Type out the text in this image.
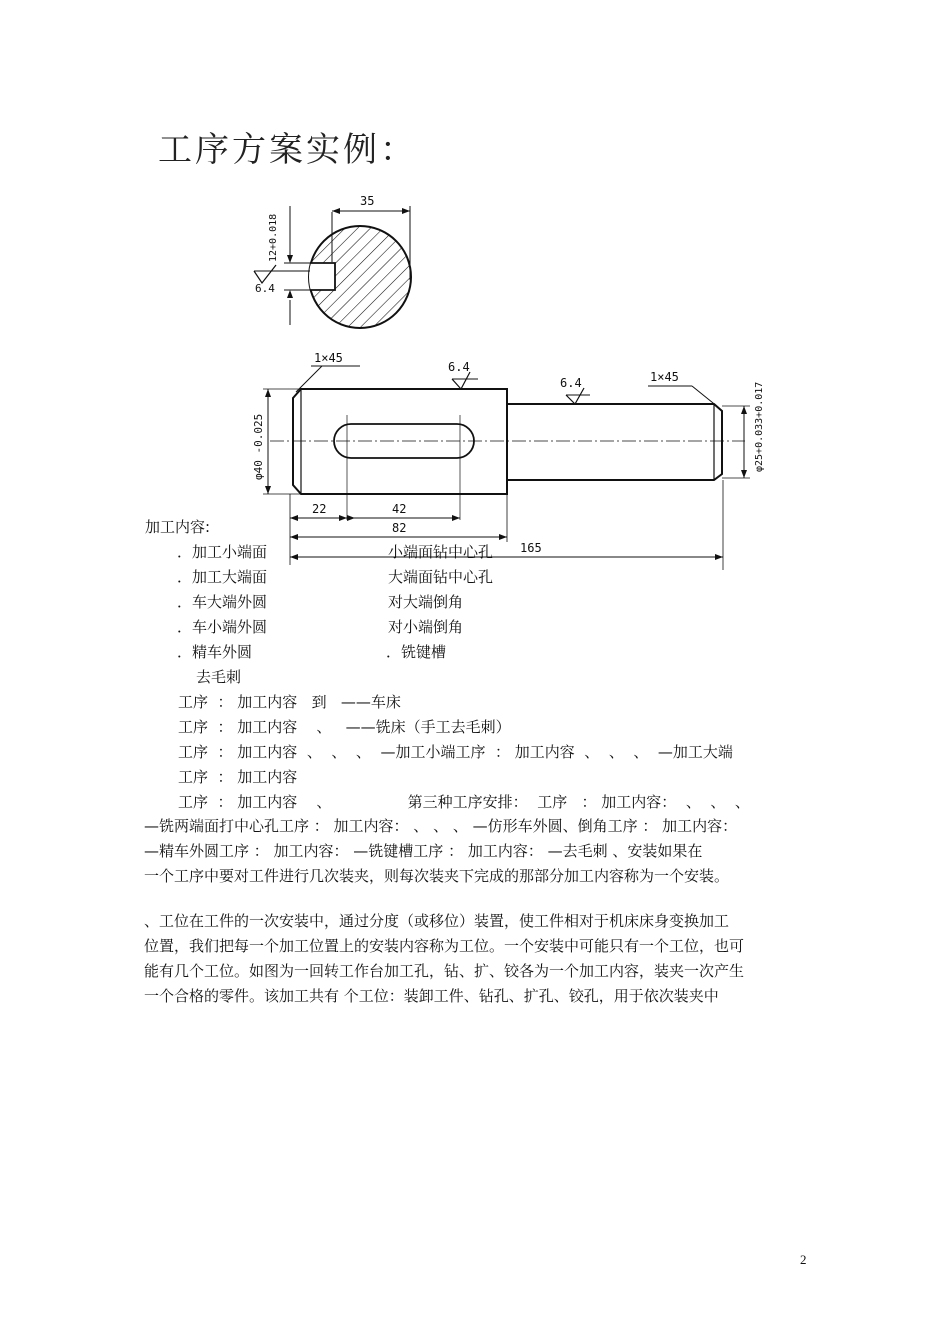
工序方案实例：
35
12+0.018
6.4
1×45
1×45
6.4
6.4
φ40 -0.025	φ25+0.033+0.017
22	42
82
165
加工内容:
．加工小端面
．加工大端面
．车大端外圆
．车小端外圆
．精车外圆
小端面钻中心孔
大端面钻中心孔
对大端倒角
对小端倒角
．铣键槽
去毛刺
工序  ： 加工内容   到   ——车床
工序  ： 加工内容    、   ——铣床（手工去毛刺）
工序  ： 加工内容  、  、  、  —加工小端工序  ： 加工内容  、  、  、  —加工大端
工序  ： 加工内容
工序  ： 加工内容    、                第三种工序安排：  工序   ： 加工内容：  、  、  、
—铣两端面打中心孔工序 ： 加工内容： 、 、 、 —仿形车外圆、倒角工序 ： 加工内容：
—精车外圆工序 ： 加工内容： —铣键槽工序 ： 加工内容： —去毛刺 、安装如果在
一个工序中要对工件进行几次装夹，则每次装夹下完成的那部分加工内容称为一个安装。
、工位在工件的一次安装中，通过分度（或移位）装置，使工件相对于机床床身变换加工
位置，我们把每一个加工位置上的安装内容称为工位。一个安装中可能只有一个工位，也可
能有几个工位。如图为一回转工作台加工孔，钻、扩、铰各为一个加工内容，装夹一次产生
一个合格的零件。该加工共有 个工位：装卸工件、钻孔、扩孔、铰孔，用于依次装夹中
2
